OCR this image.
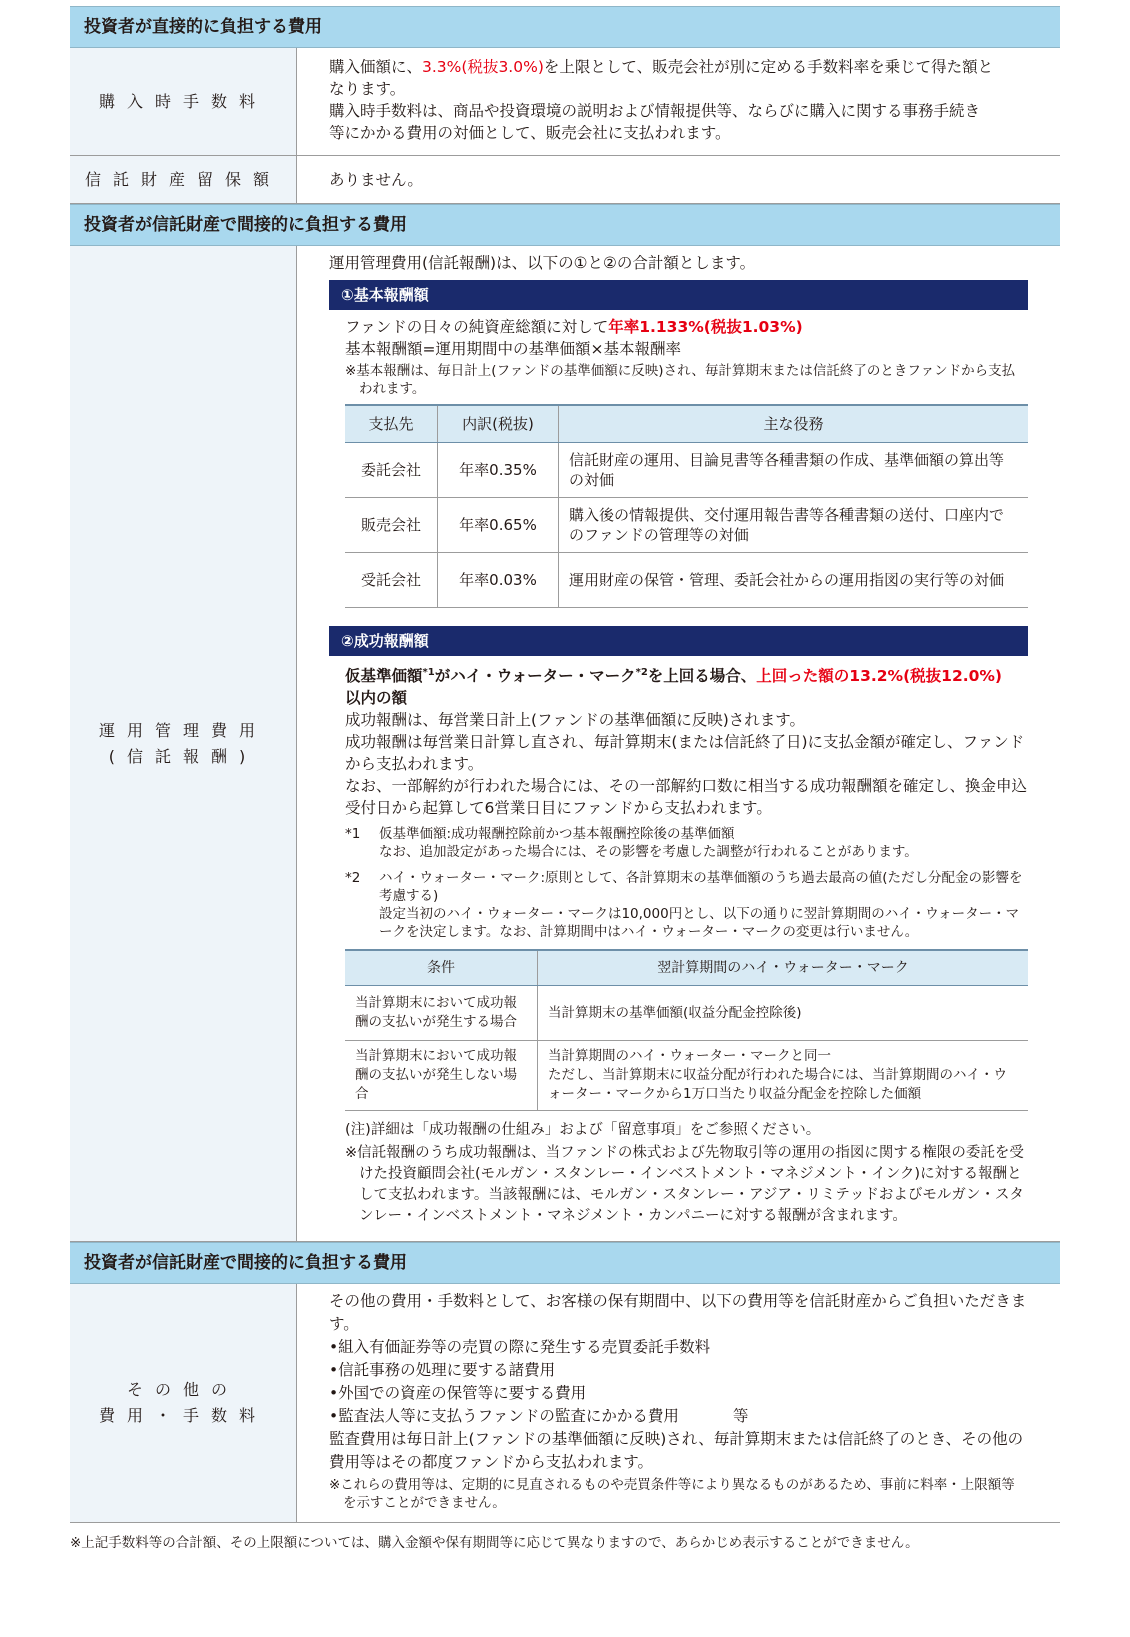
投資者が直接的に負担する費用
購入時手数料

購入価額に、3.3%(税抜3.0%)を上限として、販売会社が別に定める手数料率を乗じて得た額と

なります。

購入時手数料は、商品や投資環境の説明および情報提供等、ならびに購入に関する事務手続き

等にかかる費用の対価として、販売会社に支払われます。

信託財産留保額	ありません。
投資者が信託財産で間接的に負担する費用
運用管理費用
(信託報酬)

運用管理費用(信託報酬)は、以下の①と②の合計額とします。

①基本報酬額

ファンドの日々の純資産総額に対して年率1.133%(税抜1.03%)

基本報酬額=運用期間中の基準価額×基本報酬率

※基本報酬は、毎日計上(ファンドの基準価額に反映)され、毎計算期末または信託終了のときファンドから支払われます。

支払先	内訳(税抜)	主な役務
委託会社	年率0.35%	信託財産の運用、目論見書等各種書類の作成、基準価額の算出等の対価
販売会社	年率0.65%	購入後の情報提供、交付運用報告書等各種書類の送付、口座内でのファンドの管理等の対価
受託会社	年率0.03%	運用財産の保管・管理、委託会社からの運用指図の実行等の対価
②成功報酬額

仮基準価額$^{*1}$がハイ・ウォーター・マーク$^{*2}$を上回る場合、上回った額の13.2%(税抜12.0%)
以内の額

成功報酬は、毎営業日計上(ファンドの基準価額に反映)されます。

成功報酬は毎営業日計算し直され、毎計算期末(または信託終了日)に支払金額が確定し、ファンドから支払われます。

なお、一部解約が行われた場合には、その一部解約口数に相当する成功報酬額を確定し、換金申込受付日から起算して6営業日目にファンドから支払われます。

*1	仮基準価額:成功報酬控除前かつ基本報酬控除後の基準価額
なお、追加設定があった場合には、その影響を考慮した調整が行われることがあります。
*2	ハイ・ウォーター・マーク:原則として、各計算期末の基準価額のうち過去最高の値(ただし分配金の影響を考慮する)
設定当初のハイ・ウォーター・マークは10,000円とし、以下の通りに翌計算期間のハイ・ウォーター・マークを決定します。なお、計算期間中はハイ・ウォーター・マークの変更は行いません。
条件	翌計算期間のハイ・ウォーター・マーク
当計算期末において成功報酬の支払いが発生する場合	当計算期末の基準価額(収益分配金控除後)
当計算期末において成功報酬の支払いが発生しない場合	当計算期間のハイ・ウォーター・マークと同一
ただし、当計算期末に収益分配が行われた場合には、当計算期間のハイ・ウォーター・マークから1万口当たり収益分配金を控除した価額

(注)詳細は「成功報酬の仕組み」および「留意事項」をご参照ください。

※信託報酬のうち成功報酬は、当ファンドの株式および先物取引等の運用の指図に関する権限の委託を受けた投資顧問会社(モルガン・スタンレー・インベストメント・マネジメント・インク)に対する報酬として支払われます。当該報酬には、モルガン・スタンレー・アジア・リミテッドおよびモルガン・スタンレー・インベストメント・マネジメント・カンパニーに対する報酬が含まれます。

投資者が信託財産で間接的に負担する費用
その他の
費用・手数料

その他の費用・手数料として、お客様の保有期間中、以下の費用等を信託財産からご負担いただきます。

•組入有価証券等の売買の際に発生する売買委託手数料

•信託事務の処理に要する諸費用

•外国での資産の保管等に要する費用

•監査法人等に支払うファンドの監査にかかる費用	等

監査費用は毎日計上(ファンドの基準価額に反映)され、毎計算期末または信託終了のとき、その他の費用等はその都度ファンドから支払われます。

※これらの費用等は、定期的に見直されるものや売買条件等により異なるものがあるため、事前に料率・上限額等を示すことができません。

※上記手数料等の合計額、その上限額については、購入金額や保有期間等に応じて異なりますので、あらかじめ表示することができません。
